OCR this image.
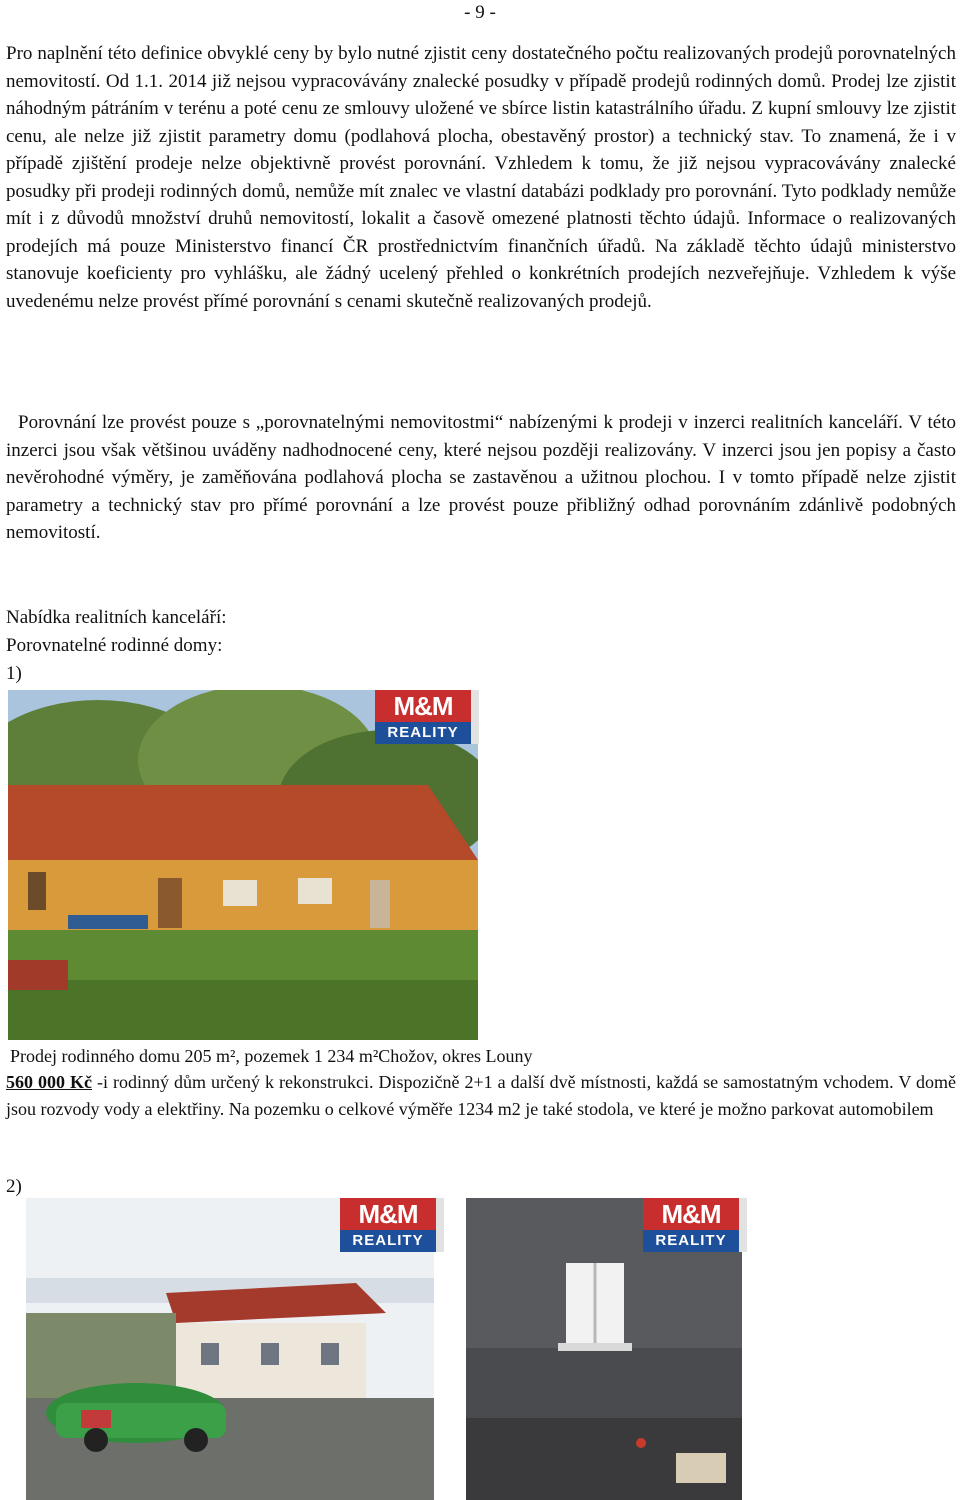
- 9 -

Pro naplnění této definice obvyklé ceny by bylo nutné zjistit ceny dostatečného počtu realizovaných prodejů porovnatelných nemovitostí. Od 1.1. 2014 již nejsou vypracovávány znalecké posudky v případě prodejů rodinných domů. Prodej lze zjistit náhodným pátráním v terénu a poté cenu ze smlouvy uložené ve sbírce listin katastrálního úřadu. Z kupní smlouvy lze zjistit cenu, ale nelze již zjistit parametry domu (podlahová plocha, obestavěný prostor) a technický stav. To znamená, že i v případě zjištění prodeje nelze objektivně provést porovnání. Vzhledem k tomu, že již nejsou vypracovávány znalecké posudky při prodeji rodinných domů, nemůže mít znalec ve vlastní databázi podklady pro porovnání. Tyto podklady nemůže mít i z důvodů množství druhů nemovitostí, lokalit a časově omezené platnosti těchto údajů. Informace o realizovaných prodejích má pouze Ministerstvo financí ČR prostřednictvím finančních úřadů. Na základě těchto údajů ministerstvo stanovuje koeficienty pro vyhlášku, ale žádný ucelený přehled o konkrétních prodejích nezveřejňuje. Vzhledem k výše uvedenému nelze provést přímé porovnání s cenami skutečně realizovaných prodejů.

Porovnání lze provést pouze s „porovnatelnými nemovitostmi“ nabízenými k prodeji v inzerci realitních kanceláří. V této inzerci jsou však většinou uváděny nadhodnocené ceny, které nejsou později realizovány. V inzerci jsou jen popisy a často nevěrohodné výměry, je zaměňována podlahová plocha se zastavěnou a užitnou plochou. I v tomto případě nelze zjistit parametry a technický stav pro přímé porovnání a lze provést pouze přibližný odhad porovnáním zdánlivě podobných nemovitostí.

Nabídka realitních kanceláří:
Porovnatelné rodinné domy:
1)
M&M
REALITY
Prodej rodinného domu 205 m², pozemek 1 234 m²Chožov, okres Louny

560 000 Kč -i rodinný dům určený k rekonstrukci. Dispozičně 2+1 a další dvě místnosti, každá se samostatným vchodem. V domě jsou rozvody vody a elektřiny. Na pozemku o celkové výměře 1234 m2 je také stodola, ve které je možno parkovat automobilem

2)
M&M
REALITY
M&M
REALITY
